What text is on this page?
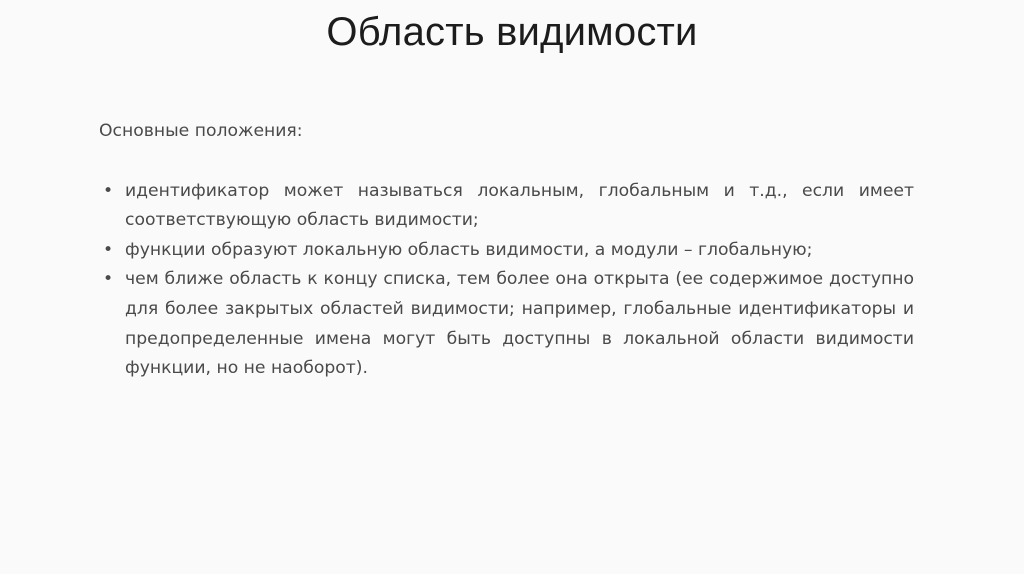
Область видимости

Основные положения:

• идентификатор может называться локальным, глобальным и т.д., если имеет соответствующую область видимости;
• функции образуют локальную область видимости, а модули – глобальную;
• чем ближе область к концу списка, тем более она открыта (ее содержимое доступно для более закрытых областей видимости; например, глобальные идентификаторы и предопределенные имена могут быть доступны в локальной области видимости функции, но не наоборот).
